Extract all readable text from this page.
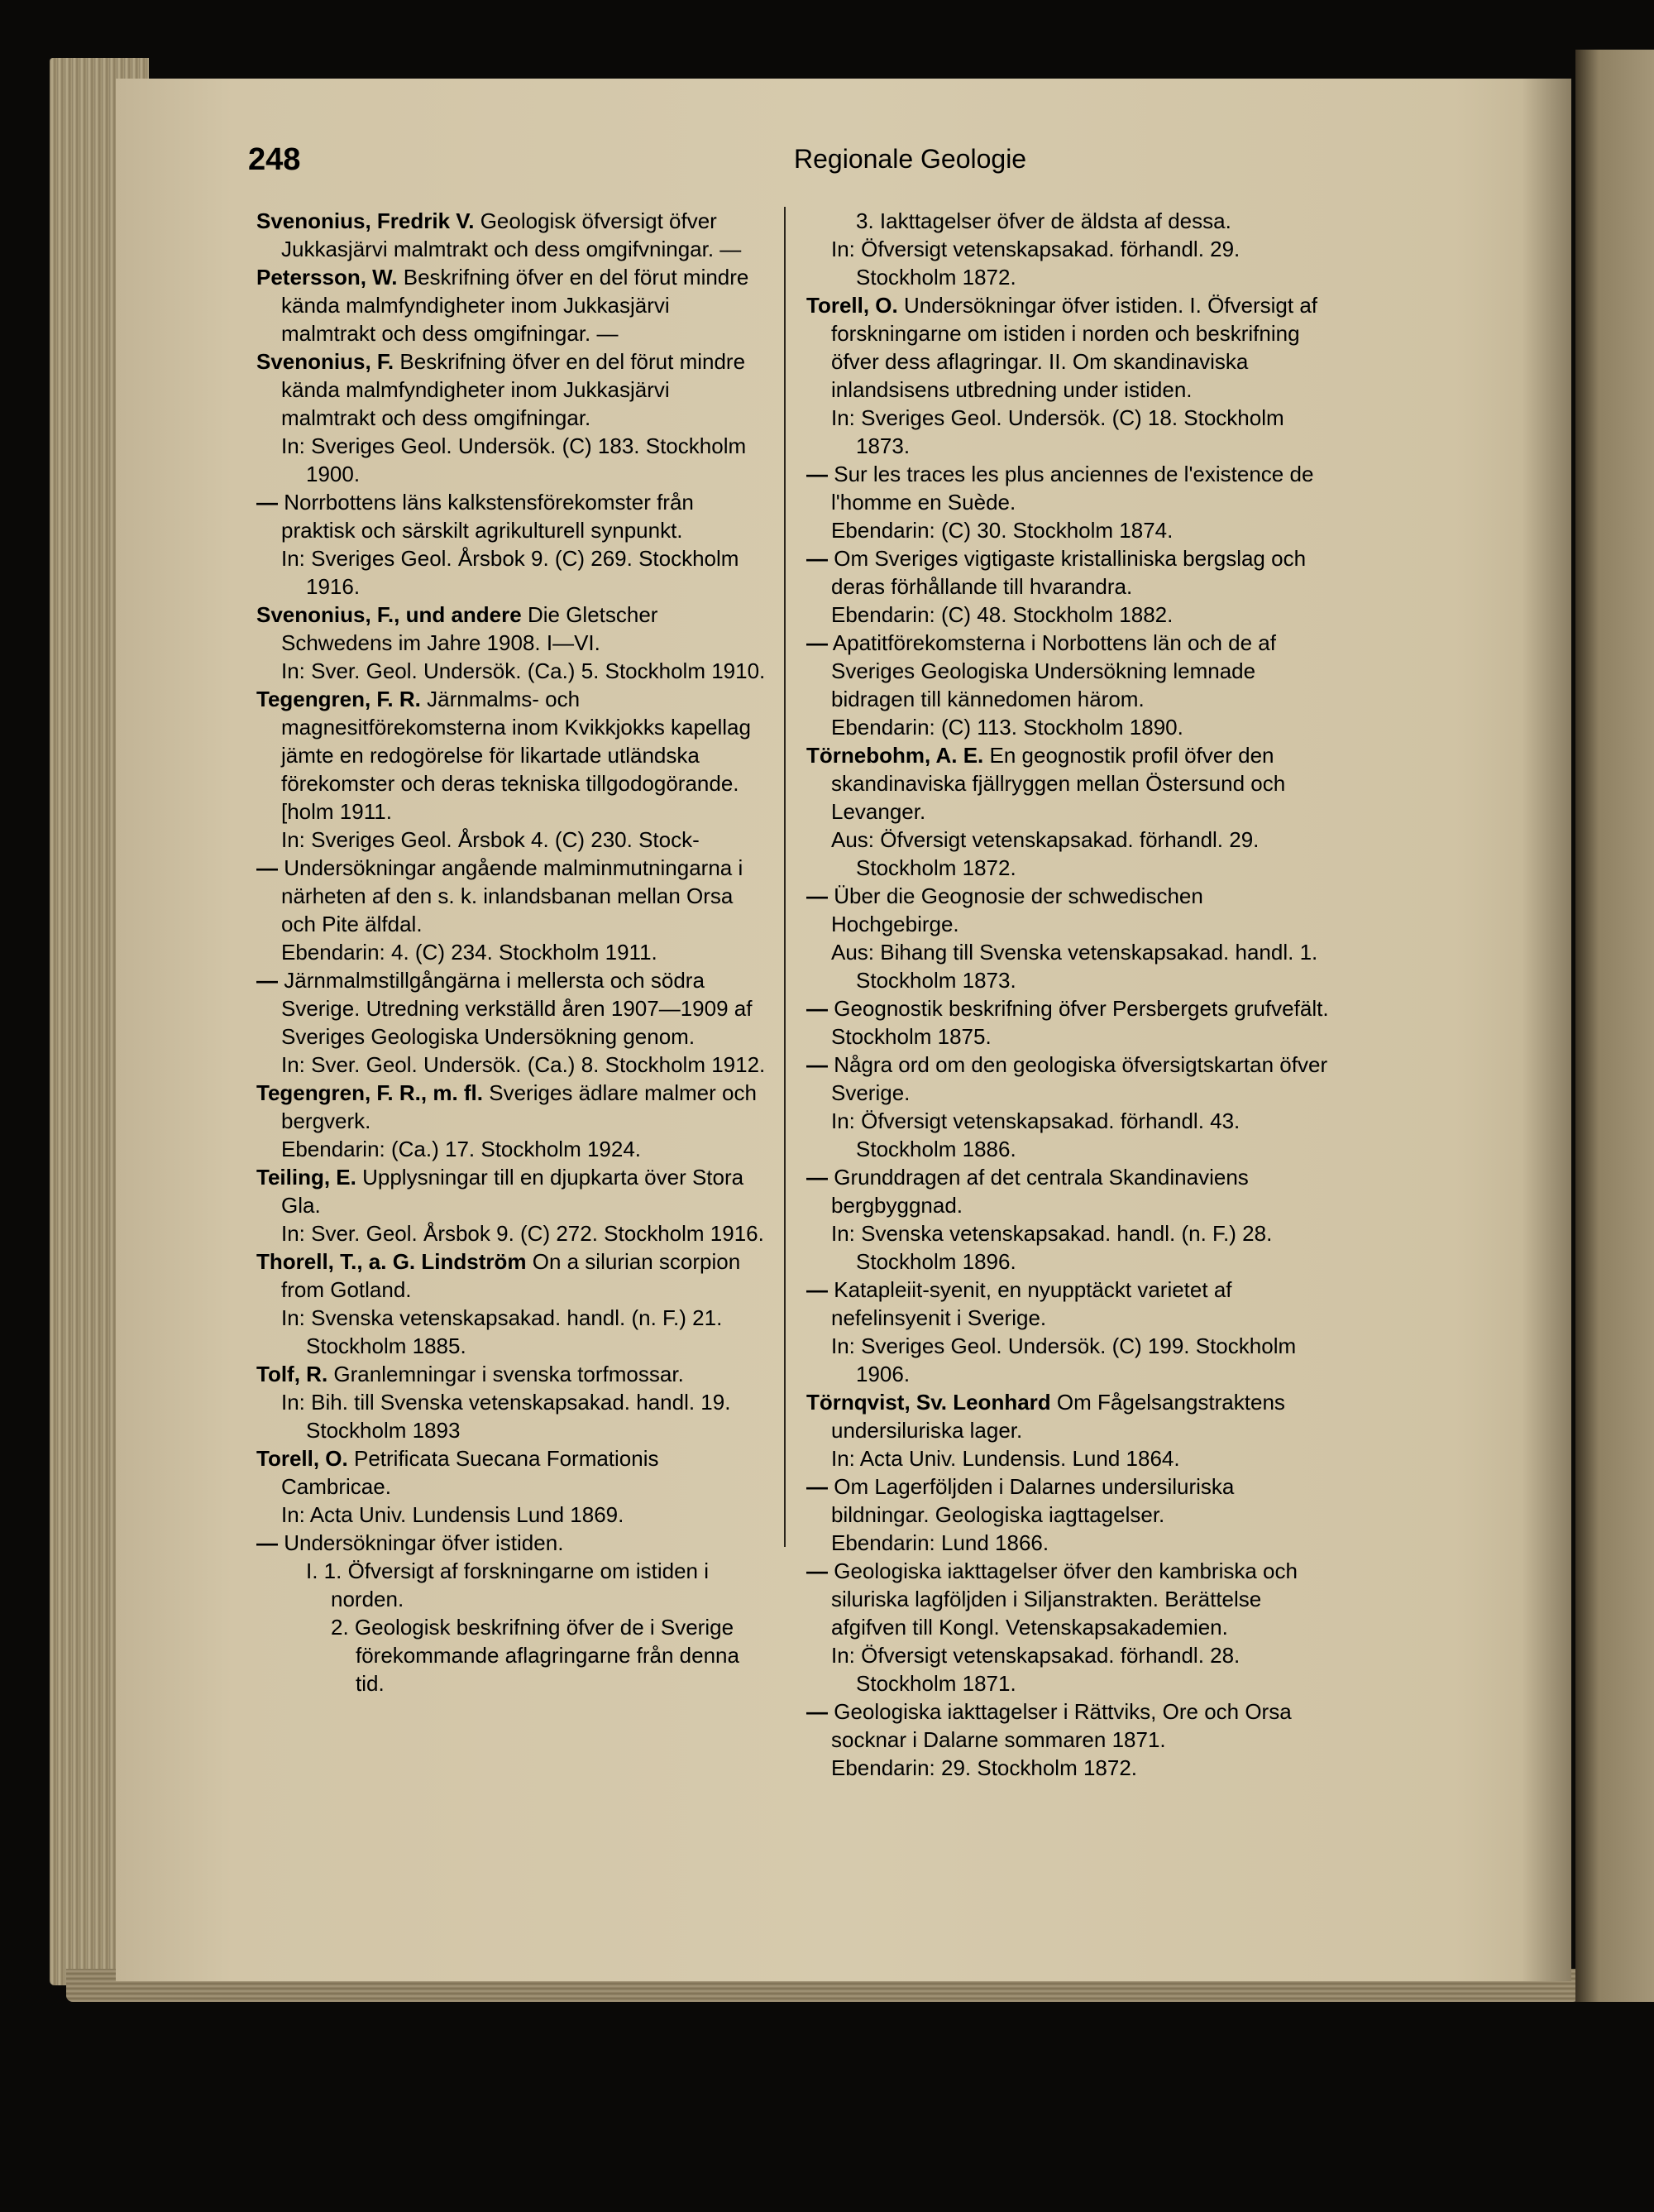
248	Regionale Geologie
Svenonius, Fredrik V. Geologisk öfversigt öfver Jukkasjärvi malmtrakt och dess omgifvningar. —
Petersson, W. Beskrifning öfver en del förut mindre kända malmfyndigheter inom Jukkasjärvi malmtrakt och dess omgifningar. —
Svenonius, F. Beskrifning öfver en del förut mindre kända malmfyndigheter inom Jukkasjärvi malmtrakt och dess omgifningar.
In: Sveriges Geol. Undersök. (C) 183. Stockholm 1900.
— Norrbottens läns kalkstensförekomster från praktisk och särskilt agrikulturell synpunkt.
In: Sveriges Geol. Årsbok 9. (C) 269. Stockholm 1916.
Svenonius, F., und andere Die Gletscher Schwedens im Jahre 1908. I—VI.
In: Sver. Geol. Undersök. (Ca.) 5. Stockholm 1910.
Tegengren, F. R. Järnmalms- och magnesitförekomsterna inom Kvikkjokks kapellag jämte en redogörelse för likartade utländska förekomster och deras tekniska tillgodogörande. [holm 1911.
In: Sveriges Geol. Årsbok 4. (C) 230. Stock-
— Undersökningar angående malminmutningarna i närheten af den s. k. inlandsbanan mellan Orsa och Pite älfdal.
Ebendarin: 4. (C) 234. Stockholm 1911.
— Järnmalmstillgångärna i mellersta och södra Sverige. Utredning verkställd åren 1907—1909 af Sveriges Geologiska Undersökning genom.
In: Sver. Geol. Undersök. (Ca.) 8. Stockholm 1912.
Tegengren, F. R., m. fl. Sveriges ädlare malmer och bergverk.
Ebendarin: (Ca.) 17. Stockholm 1924.
Teiling, E. Upplysningar till en djupkarta över Stora Gla.
In: Sver. Geol. Årsbok 9. (C) 272. Stockholm 1916.
Thorell, T., a. G. Lindström On a silurian scorpion from Gotland.
In: Svenska vetenskapsakad. handl. (n. F.) 21. Stockholm 1885.
Tolf, R. Granlemningar i svenska torfmossar.
In: Bih. till Svenska vetenskapsakad. handl. 19. Stockholm 1893
Torell, O. Petrificata Suecana Formationis Cambricae.
In: Acta Univ. Lundensis Lund 1869.
— Undersökningar öfver istiden.
I. 1. Öfversigt af forskningarne om istiden i norden.
2. Geologisk beskrifning öfver de i Sverige förekommande aflagringarne från denna tid.
3. Iakttagelser öfver de äldsta af dessa.
In: Öfversigt vetenskapsakad. förhandl. 29. Stockholm 1872.
Torell, O. Undersökningar öfver istiden. I. Öfversigt af forskningarne om istiden i norden och beskrifning öfver dess aflagringar. II. Om skandinaviska inlandsisens utbredning under istiden.
In: Sveriges Geol. Undersök. (C) 18. Stockholm 1873.
— Sur les traces les plus anciennes de l'existence de l'homme en Suède.
Ebendarin: (C) 30. Stockholm 1874.
— Om Sveriges vigtigaste kristalliniska bergslag och deras förhållande till hvarandra.
Ebendarin: (C) 48. Stockholm 1882.
— Apatitförekomsterna i Norbottens län och de af Sveriges Geologiska Undersökning lemnade bidragen till kännedomen härom.
Ebendarin: (C) 113. Stockholm 1890.
Törnebohm, A. E. En geognostik profil öfver den skandinaviska fjällryggen mellan Östersund och Levanger.
Aus: Öfversigt vetenskapsakad. förhandl. 29. Stockholm 1872.
— Über die Geognosie der schwedischen Hochgebirge.
Aus: Bihang till Svenska vetenskapsakad. handl. 1. Stockholm 1873.
— Geognostik beskrifning öfver Persbergets grufvefält. Stockholm 1875.
— Några ord om den geologiska öfversigtskartan öfver Sverige.
In: Öfversigt vetenskapsakad. förhandl. 43. Stockholm 1886.
— Grunddragen af det centrala Skandinaviens bergbyggnad.
In: Svenska vetenskapsakad. handl. (n. F.) 28. Stockholm 1896.
— Katapleiit-syenit, en nyupptäckt varietet af nefelinsyenit i Sverige.
In: Sveriges Geol. Undersök. (C) 199. Stockholm 1906.
Törnqvist, Sv. Leonhard Om Fågelsangstraktens undersiluriska lager.
In: Acta Univ. Lundensis. Lund 1864.
— Om Lagerföljden i Dalarnes undersiluriska bildningar. Geologiska iagttagelser.
Ebendarin: Lund 1866.
— Geologiska iakttagelser öfver den kambriska och siluriska lagföljden i Siljanstrakten. Berättelse afgifven till Kongl. Vetenskapsakademien.
In: Öfversigt vetenskapsakad. förhandl. 28. Stockholm 1871.
— Geologiska iakttagelser i Rättviks, Ore och Orsa socknar i Dalarne sommaren 1871.
Ebendarin: 29. Stockholm 1872.
